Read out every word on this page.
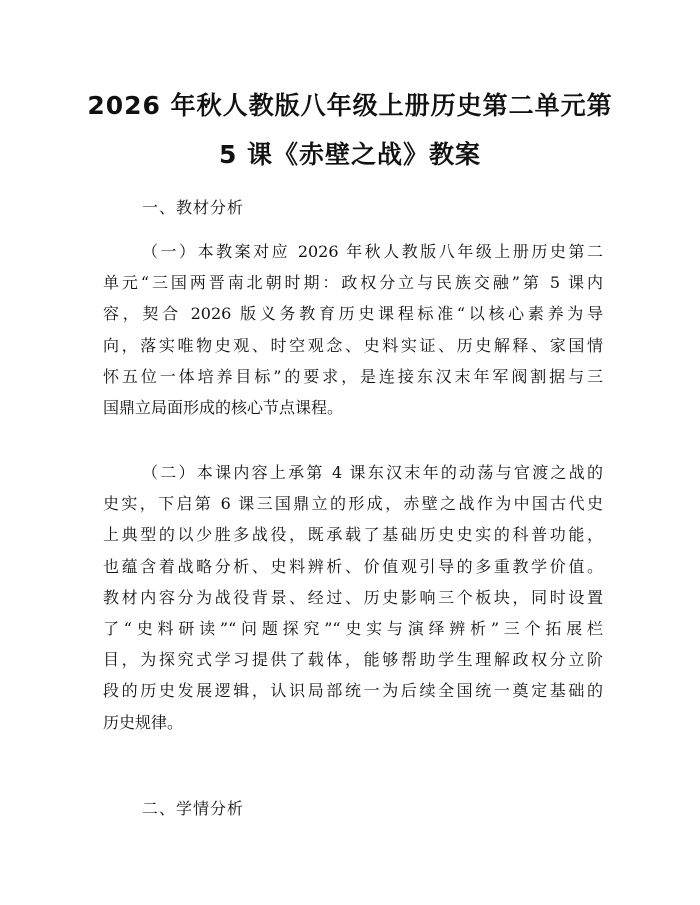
2026 年秋人教版八年级上册历史第二单元第
5 课《赤壁之战》教案
一、教材分析
（一）本教案对应 2026 年秋人教版八年级上册历史第二
单元“三国两晋南北朝时期：政权分立与民族交融”第 5 课内
容，契合 2026 版义务教育历史课程标准“以核心素养为导
向，落实唯物史观、时空观念、史料实证、历史解释、家国情
怀五位一体培养目标”的要求，是连接东汉末年军阀割据与三
国鼎立局面形成的核心节点课程。
（二）本课内容上承第 4 课东汉末年的动荡与官渡之战的
史实，下启第 6 课三国鼎立的形成，赤壁之战作为中国古代史
上典型的以少胜多战役，既承载了基础历史史实的科普功能，
也蕴含着战略分析、史料辨析、价值观引导的多重教学价值。
教材内容分为战役背景、经过、历史影响三个板块，同时设置
了“史料研读”“问题探究”“史实与演绎辨析”三个拓展栏
目，为探究式学习提供了载体，能够帮助学生理解政权分立阶
段的历史发展逻辑，认识局部统一为后续全国统一奠定基础的
历史规律。
二、学情分析
